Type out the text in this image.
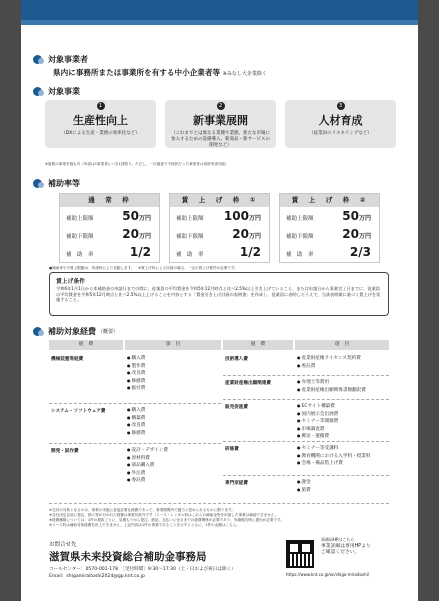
対象事業者
県内に事務所または事業所を有する中小企業者等 ※みなし大企業除く
対象事業
1
生産性向上
（DXによる生産・業務の効率化など）
2
新事業展開
（これまでとは異なる業種や業態、新たな市場に参入するための設備導入、新商品・新サービスの開発など）
3
人材育成
（従業員のリスキリングなど）
※複数の事業実施も可（申請は1事業者につき1回限り。ただし、一次審査で不採択だった事業者は再度申請可能）
補助率等
通　常　枠
補助上限額 50万円
補助下限額 20万円
補　助　率	1/2
賃　上　げ　枠　①
補助上限額 100万円
補助下限額 20万円
補　助　率	1/2
賃　上　げ　枠　②
補助上限額 50万円
補助下限額 20万円
補　助　率	2/3
●補助率や予算上限額は、申請時により変動します。　※賃上げ枠による申請の場合、一定の賃上げ要件が必要です。
賃上げ条件
令和6年1月1日から本補助金の申請日までの間に、従業員の平均賃金を令和5年12月時点と比べ2.5%以上引き上げていること、または申請日から事業完了日までに、従業員の平均賃金を令和5年12月時点と比べ2.5%以上上げることを内容とする「賃金引き上げ計画の表明書」を作成し、従業員に表明したうえで、当該表明額に基づく賃上げを実施すること。
補助対象経費 （概要）
経　費	項　目	経　費	項　目
機械装置等経費	● 購入費
● 製作費
● 改良費
● 修繕費
● 据付費
システム・ソフトウェア費	● 購入費
● 構築費
● 改良費
● 修繕費
開発・試作費	● 設計・デザイン費
● 原材料費
● 部品購入費
● 外注費
● 委託費
技術導入費	● 産業財産権ライセンス契約費
● 委託費
産業財産権出願関連費	● 弁理士等費用
● 産業財産権出願関係書類翻訳費
販売促進費	● ECサイト構築費
● 国内展示会出展費
● セミナー等開催費
● 市場調査費
● 郵送・運搬費
研修費	● セミナー等受講料
● 教育機関における入学料・授業料
● 会場・備品借上げ費
専門家経費	● 謝金
● 旅費
※交付の対象となるのは、事業の実施に直接必要な経費であって、事業期間内で適当と認められるものに限ります。
※交付決定以前に発注、納入等が行われた経費は事業対象外です（リース・レンタル料はこれらの補助金等を申請した事業は補助できません。
※経費種類については、1件の税抜ごとに、見積もりから発注、納品、支払いに至るまでの経費関係が必要であり、実績報告時に提出が必要です。
※リース料は補助対象経費を計上できません。上記内容は1件の事業であることを示すとともに、1件の金額はこちら。
お問合せ先
滋賀県未来投資総合補助金事務局
コールセンター：0570-001-178　［受付時間］9:30～17:30（土・日および祝日は除く）
Email：shigamiraitoshi2024@gp.knt.co.jp
事務局HPはこちら
事業詳細は専用HPより
ご確認ください。
https://www.knt.co.jp/ec/shiga-miraitoshi/
